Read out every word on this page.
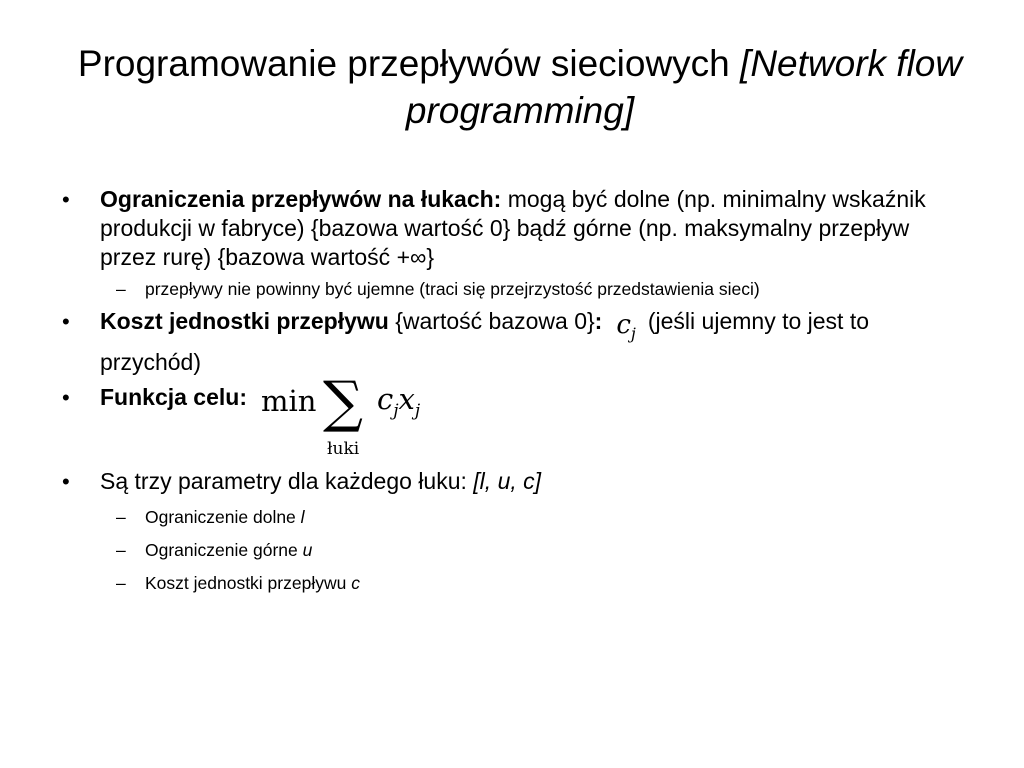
Programowanie przepływów sieciowych [Network flow programming]

• Ograniczenia przepływów na łukach: mogą być dolne (np. minimalny wskaźnik produkcji w fabryce) {bazowa wartość 0} bądź górne (np. maksymalny przepływ przez rurę) {bazowa wartość +∞}

– przepływy nie powinny być ujemne (traci się przejrzystość przedstawienia sieci)

• Koszt jednostki przepływu {wartość bazowa 0}: $c_j$ (jeśli ujemny to jest to przychód)

• Funkcja celu: min ∑
łuki
$c_jx_j$

• Są trzy parametry dla każdego łuku: [l, u, c]

– Ograniczenie dolne l

– Ograniczenie górne u

– Koszt jednostki przepływu c
